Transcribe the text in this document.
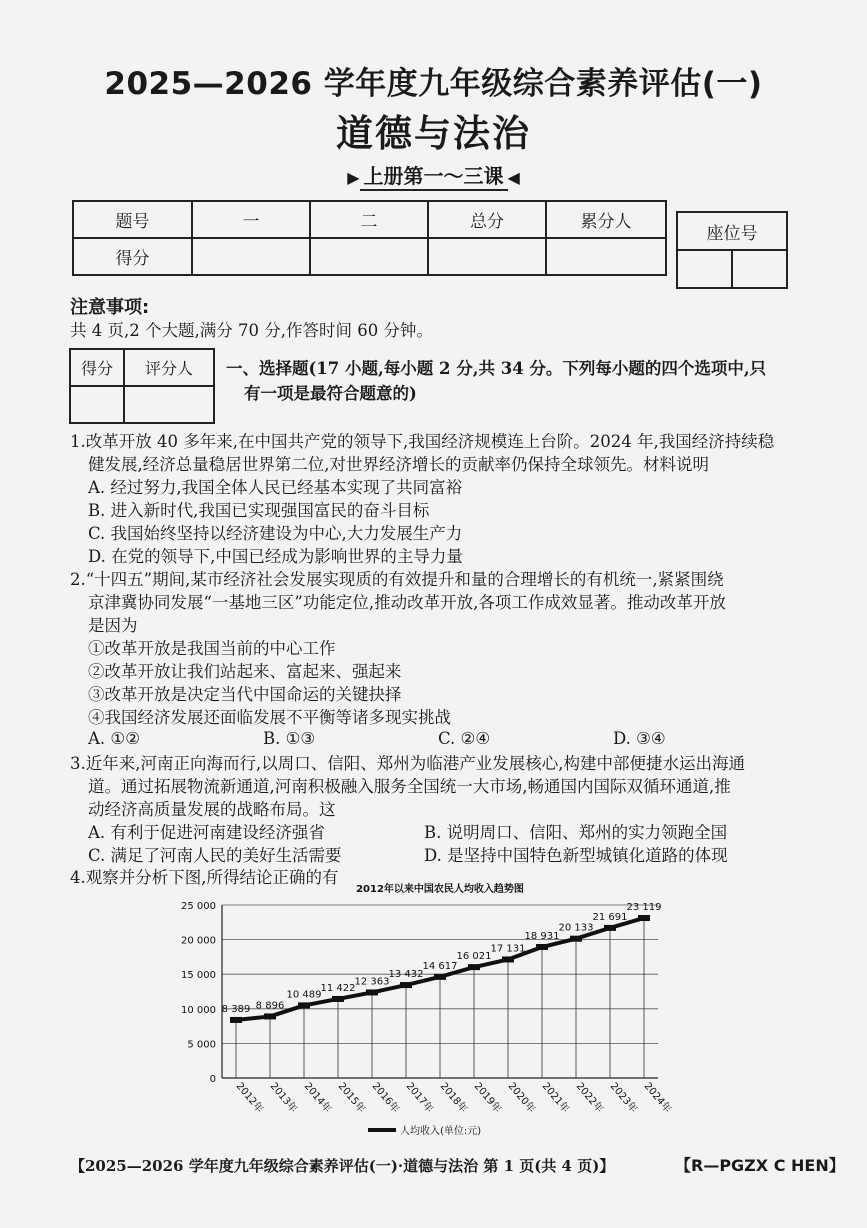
2025—2026 学年度九年级综合素养评估(一)
道德与法治
▶ 上册第一～三课 ◀
题号	一	二	总分	累分人
得分				
座位号

注意事项:
共 4 页,2 个大题,满分 70 分,作答时间 60 分钟。
得分	评分人
	一、选择题(17 小题,每小题 2 分,共 34 分。下列每小题的四个选项中,只
有一项是最符合题意的)
1.改革开放 40 多年来,在中国共产党的领导下,我国经济规模连上台阶。2024 年,我国经济持续稳
健发展,经济总量稳居世界第二位,对世界经济增长的贡献率仍保持全球领先。材料说明
A. 经过努力,我国全体人民已经基本实现了共同富裕
B. 进入新时代,我国已实现强国富民的奋斗目标
C. 我国始终坚持以经济建设为中心,大力发展生产力
D. 在党的领导下,中国已经成为影响世界的主导力量
2.“十四五”期间,某市经济社会发展实现质的有效提升和量的合理增长的有机统一,紧紧围绕
京津冀协同发展“一基地三区”功能定位,推动改革开放,各项工作成效显著。推动改革开放
是因为
①改革开放是我国当前的中心工作
②改革开放让我们站起来、富起来、强起来
③改革开放是决定当代中国命运的关键抉择
④我国经济发展还面临发展不平衡等诸多现实挑战
A. ①②	B. ①③	C. ②④	D. ③④
3.近年来,河南正向海而行,以周口、信阳、郑州为临港产业发展核心,构建中部便捷水运出海通
道。通过拓展物流新通道,河南积极融入服务全国统一大市场,畅通国内国际双循环通道,推
动经济高质量发展的战略布局。这
A. 有利于促进河南建设经济强省	B. 说明周口、信阳、郑州的实力领跑全国
C. 满足了河南人民的美好生活需要	D. 是坚持中国特色新型城镇化道路的体现
4.观察并分析下图,所得结论正确的有
2012年以来中国农民人均收入趋势图
0
5 000
10 000
15 000
20 000
25 000
8 389 8 896
10 489
11 422
12 363
13 432
14 617
16 021
17 131
18 931
20 133
21 691
23 119
2012年 2013年 2014年 2015年 2016年 2017年 2018年 2019年 2020年 2021年 2022年 2023年 2024年
人均收入(单位:元)
【2025—2026 学年度九年级综合素养评估(一)·道德与法治 第 1 页(共 4 页)】	【R—PGZX C HEN】
